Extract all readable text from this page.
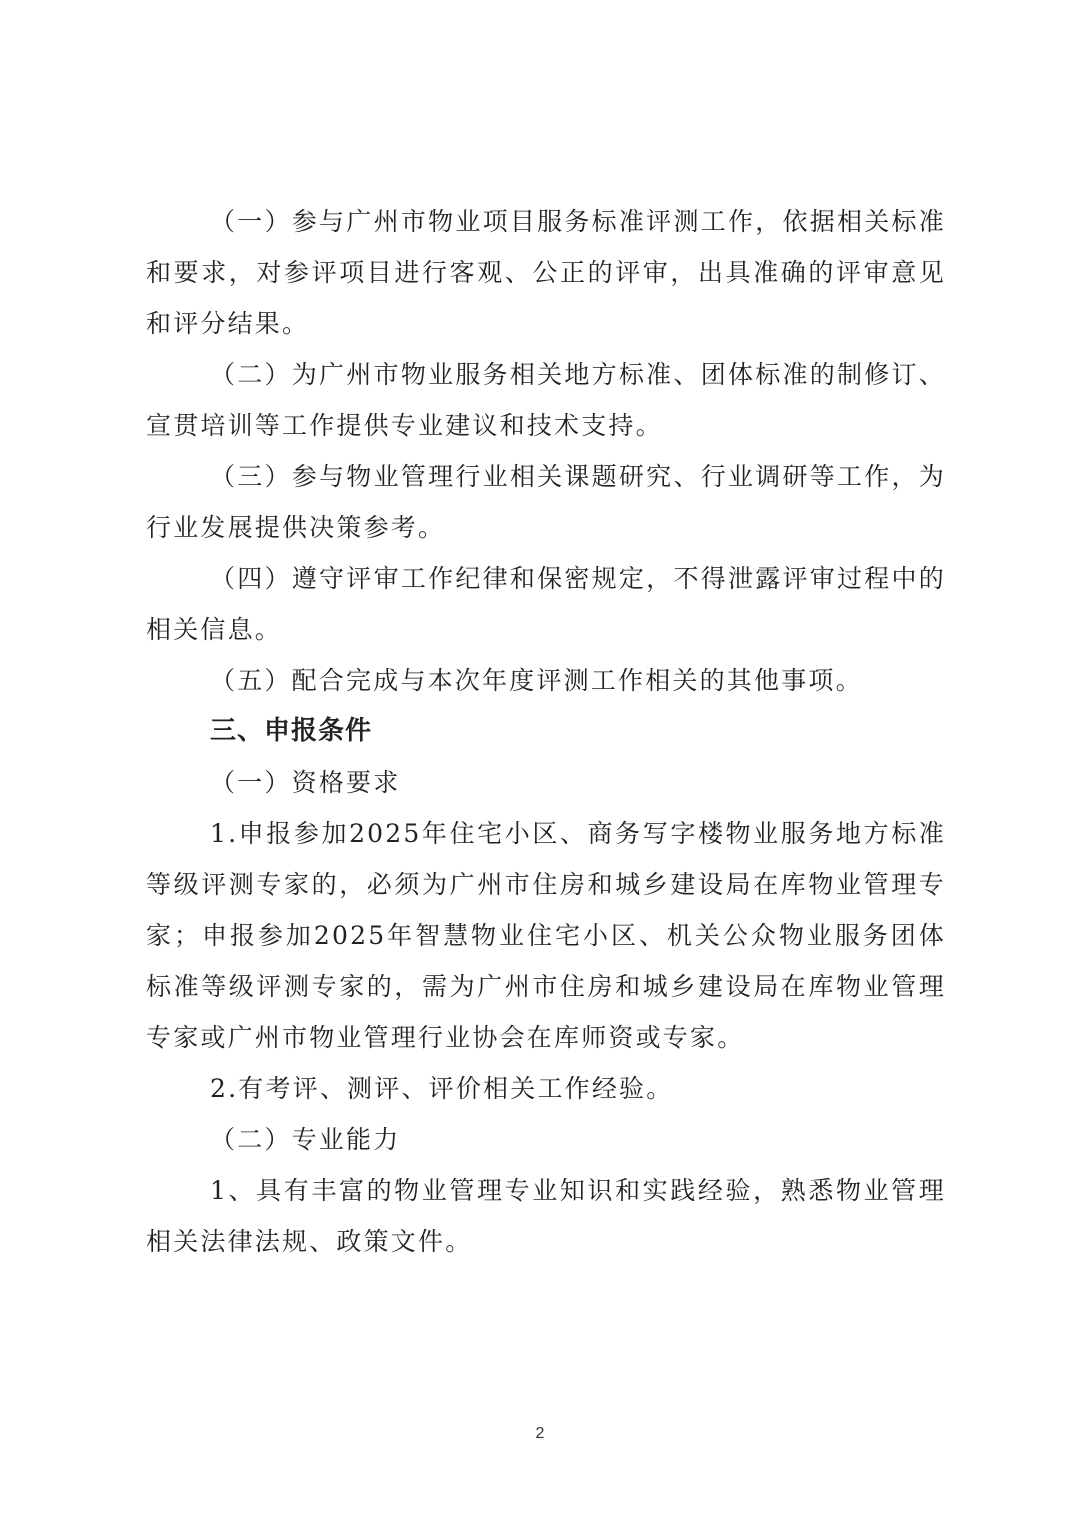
（一）参与广州市物业项目服务标准评测工作，依据相关标准和要求，对参评项目进行客观、公正的评审，出具准确的评审意见和评分结果。

（二）为广州市物业服务相关地方标准、团体标准的制修订、宣贯培训等工作提供专业建议和技术支持。

（三）参与物业管理行业相关课题研究、行业调研等工作，为行业发展提供决策参考。

（四）遵守评审工作纪律和保密规定，不得泄露评审过程中的相关信息。

（五）配合完成与本次年度评测工作相关的其他事项。

三、申报条件

（一）资格要求

1.申报参加2025年住宅小区、商务写字楼物业服务地方标准等级评测专家的，必须为广州市住房和城乡建设局在库物业管理专家；申报参加2025年智慧物业住宅小区、机关公众物业服务团体标准等级评测专家的，需为广州市住房和城乡建设局在库物业管理专家或广州市物业管理行业协会在库师资或专家。

2.有考评、测评、评价相关工作经验。

（二）专业能力

1、具有丰富的物业管理专业知识和实践经验，熟悉物业管理相关法律法规、政策文件。

2
